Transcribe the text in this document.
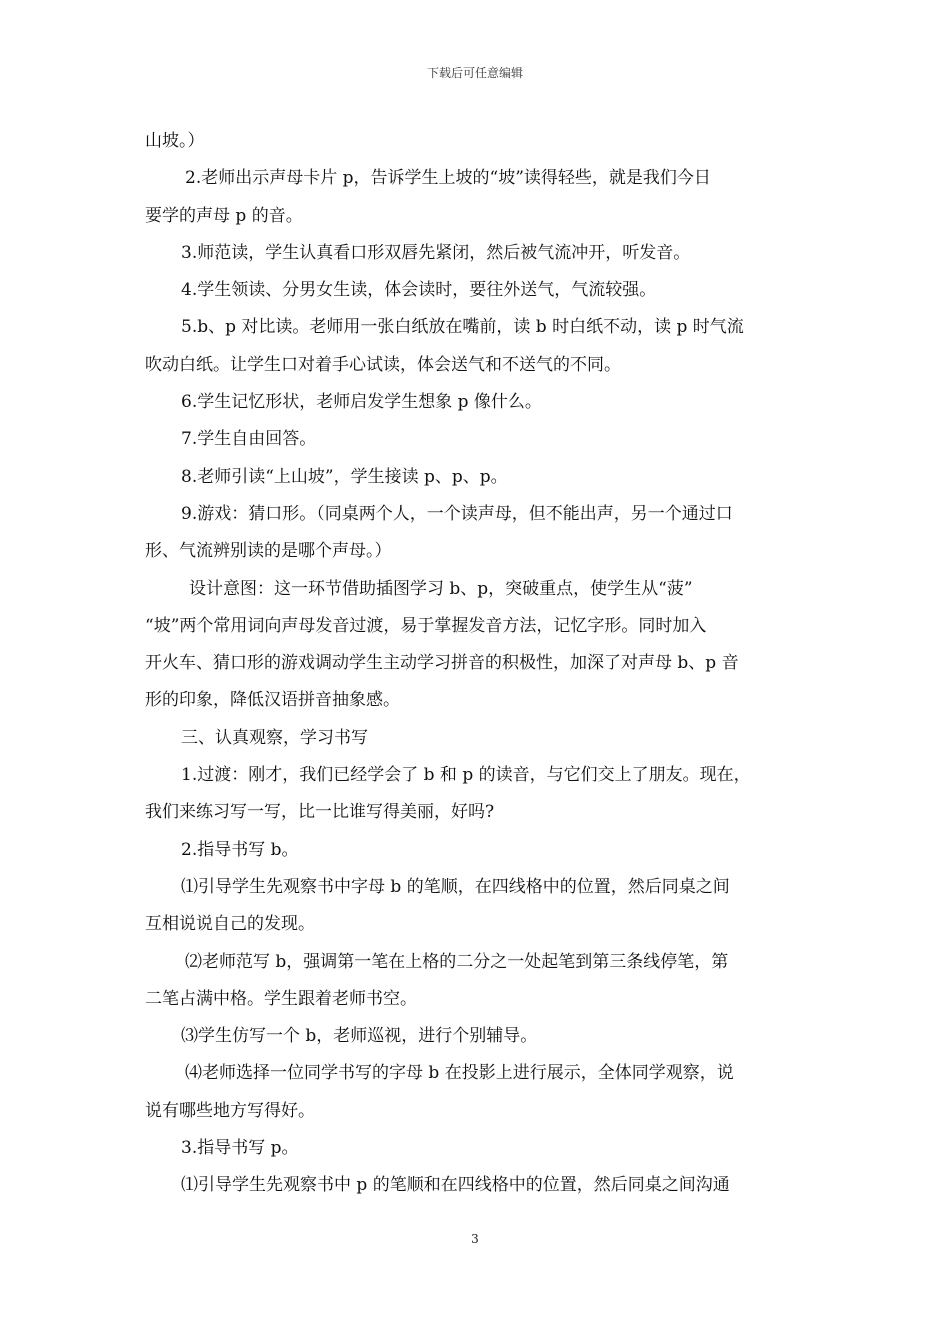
下载后可任意编辑
山坡。）
2.老师出示声母卡片 p，告诉学生上坡的“坡”读得轻些，就是我们今日
要学的声母 p 的音。
3.师范读，学生认真看口形双唇先紧闭，然后被气流冲开，听发音。
4.学生领读、分男女生读，体会读时，要往外送气，气流较强。
5.b、p 对比读。老师用一张白纸放在嘴前，读 b 时白纸不动，读 p 时气流
吹动白纸。让学生口对着手心试读，体会送气和不送气的不同。
6.学生记忆形状，老师启发学生想象 p 像什么。
7.学生自由回答。
8.老师引读“上山坡”，学生接读 p、p、p。
9.游戏：猜口形。（同桌两个人，一个读声母，但不能出声，另一个通过口
形、气流辨别读的是哪个声母。）
设计意图：这一环节借助插图学习 b、p，突破重点，使学生从“菠”
“坡”两个常用词向声母发音过渡，易于掌握发音方法，记忆字形。同时加入
开火车、猜口形的游戏调动学生主动学习拼音的积极性，加深了对声母 b、p 音
形的印象，降低汉语拼音抽象感。
三、认真观察，学习书写
1.过渡：刚才，我们已经学会了 b 和 p 的读音，与它们交上了朋友。现在，
我们来练习写一写，比一比谁写得美丽，好吗?
2.指导书写 b。
⑴引导学生先观察书中字母 b 的笔顺，在四线格中的位置，然后同桌之间
互相说说自己的发现。
⑵老师范写 b，强调第一笔在上格的二分之一处起笔到第三条线停笔，第
二笔占满中格。学生跟着老师书空。
⑶学生仿写一个 b，老师巡视，进行个别辅导。
⑷老师选择一位同学书写的字母 b 在投影上进行展示，全体同学观察，说
说有哪些地方写得好。
3.指导书写 p。
⑴引导学生先观察书中 p 的笔顺和在四线格中的位置，然后同桌之间沟通
3
